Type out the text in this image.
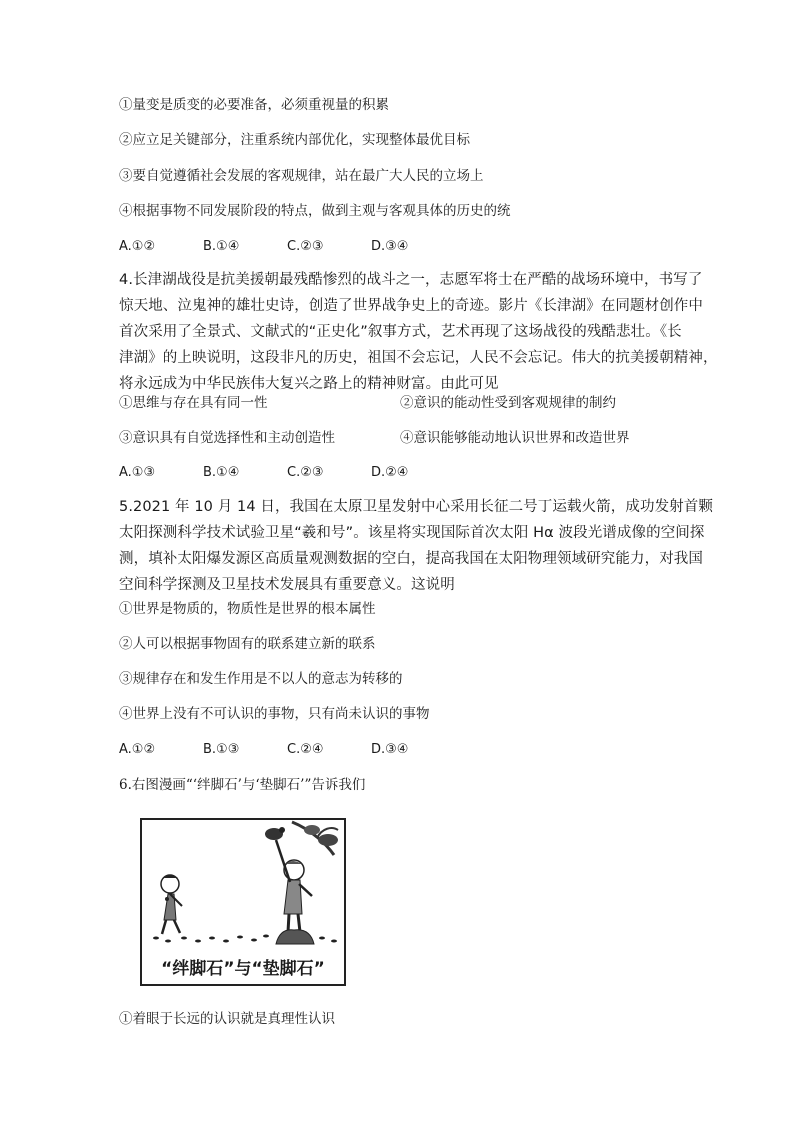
①量变是质变的必要准备，必须重视量的积累
②应立足关键部分，注重系统内部优化，实现整体最优目标
③要自觉遵循社会发展的客观规律，站在最广大人民的立场上
④根据事物不同发展阶段的特点，做到主观与客观具体的历史的统
A.①②	B.①④	C.②③	D.③④
4.长津湖战役是抗美援朝最残酷惨烈的战斗之一，志愿军将士在严酷的战场环境中，书写了
惊天地、泣鬼神的雄壮史诗，创造了世界战争史上的奇迹。影片《长津湖》在同题材创作中
首次采用了全景式、文献式的“正史化”叙事方式，艺术再现了这场战役的残酷悲壮。《长
津湖》的上映说明，这段非凡的历史，祖国不会忘记，人民不会忘记。伟大的抗美援朝精神，
将永远成为中华民族伟大复兴之路上的精神财富。由此可见
①思维与存在具有同一性	②意识的能动性受到客观规律的制约
③意识具有自觉选择性和主动创造性	④意识能够能动地认识世界和改造世界
A.①③	B.①④	C.②③	D.②④
5.2021 年 10 月 14 日，我国在太原卫星发射中心采用长征二号丁运载火箭，成功发射首颗
太阳探测科学技术试验卫星“羲和号”。该星将实现国际首次太阳 Hα 波段光谱成像的空间探
测，填补太阳爆发源区高质量观测数据的空白，提高我国在太阳物理领域研究能力，对我国
空间科学探测及卫星技术发展具有重要意义。这说明
①世界是物质的，物质性是世界的根本属性
②人可以根据事物固有的联系建立新的联系
③规律存在和发生作用是不以人的意志为转移的
④世界上没有不可认识的事物，只有尚未认识的事物
A.①②	B.①③	C.②④	D.③④
6.右图漫画“‘绊脚石’与‘垫脚石’”告诉我们
“绊脚石”与“垫脚石”
①着眼于长远的认识就是真理性认识
